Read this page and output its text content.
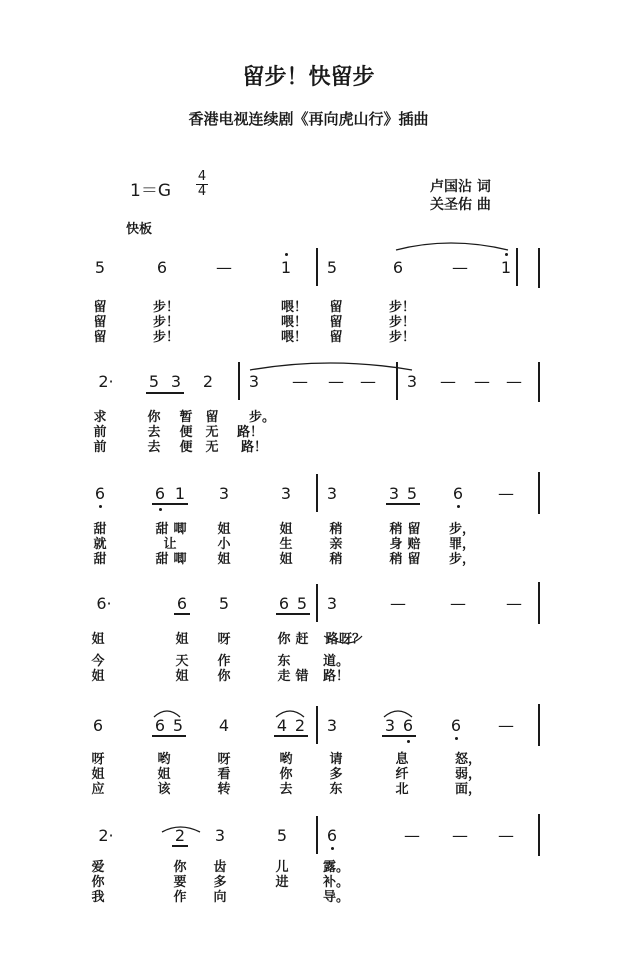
留步！快留步
香港电视连续剧《再向虎山行》插曲
1＝G
4
4	卢国沾 词
关圣佑 曲
快板
5	6	—	1 5	6	— 1
留	步！	喂！ 留	步！
留	步！	喂！ 留	步！
留	步！	喂！ 留	步！
2· 5 3 2 3 — — — 3 — — —
求	你 暂 留 步。
前	去 便 无 路！
前	去 便 无 路！
6	6 1 3	3 3	3 5 6 —
甜	甜 唧 姐	姐	稍	稍 留 步，
就	让	小	生	亲	身 赔 罪，
甜	甜 唧 姐	姐	稍	稍 留 步，
6·	6 5	6 5 3	—	—	—
姐	姐 呀	你 赶 路 呀？
今	天 作	东 道。
姐	姐 你	走 错 路！
6	6 5 4	4 2 3	3 6 6 —
呀	哟	呀	哟	请	息	怒，
姐	姐	看	你	多	纤	弱，
应	该	转	去	东	北	面，
2·	2 3	5 6	— — —
爱	你 齿	儿	露。
你	要 多	进	补。
我	作 向	导。
